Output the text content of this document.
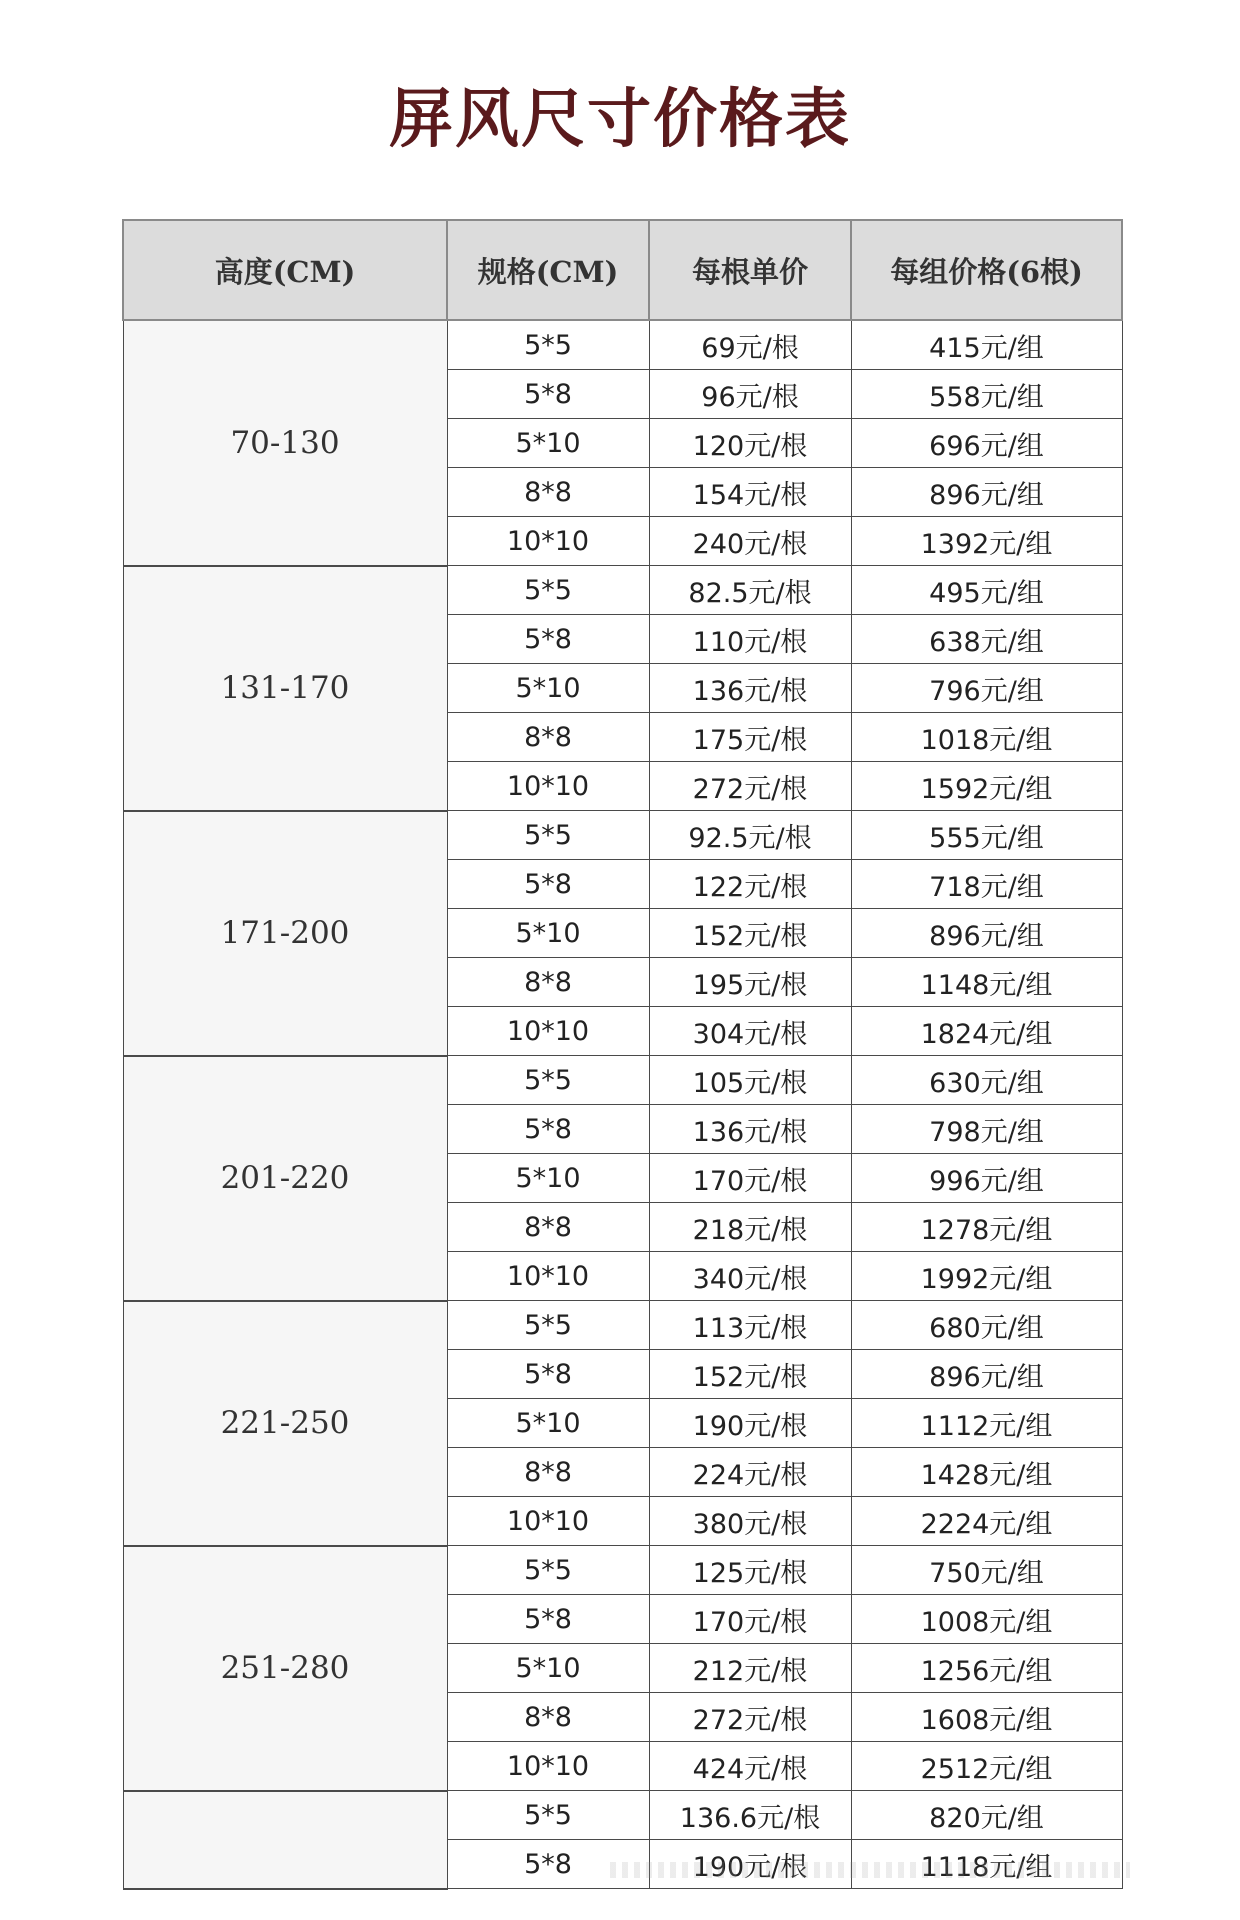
屏风尺寸价格表
高度(CM)	规格(CM)	每根单价	每组价格(6根)
70-130	5*5	69元/根	415元/组
	5*8	96元/根	558元/组
	5*10	120元/根	696元/组
	8*8	154元/根	896元/组
	10*10	240元/根	1392元/组
131-170	5*5	82.5元/根	495元/组
	5*8	110元/根	638元/组
	5*10	136元/根	796元/组
	8*8	175元/根	1018元/组
	10*10	272元/根	1592元/组
171-200	5*5	92.5元/根	555元/组
	5*8	122元/根	718元/组
	5*10	152元/根	896元/组
	8*8	195元/根	1148元/组
	10*10	304元/根	1824元/组
201-220	5*5	105元/根	630元/组
	5*8	136元/根	798元/组
	5*10	170元/根	996元/组
	8*8	218元/根	1278元/组
	10*10	340元/根	1992元/组
221-250	5*5	113元/根	680元/组
	5*8	152元/根	896元/组
	5*10	190元/根	1112元/组
	8*8	224元/根	1428元/组
	10*10	380元/根	2224元/组
251-280	5*5	125元/根	750元/组
	5*8	170元/根	1008元/组
	5*10	212元/根	1256元/组
	8*8	272元/根	1608元/组
	10*10	424元/根	2512元/组
	5*5	136.6元/根	820元/组
	5*8	190元/根	1118元/组
